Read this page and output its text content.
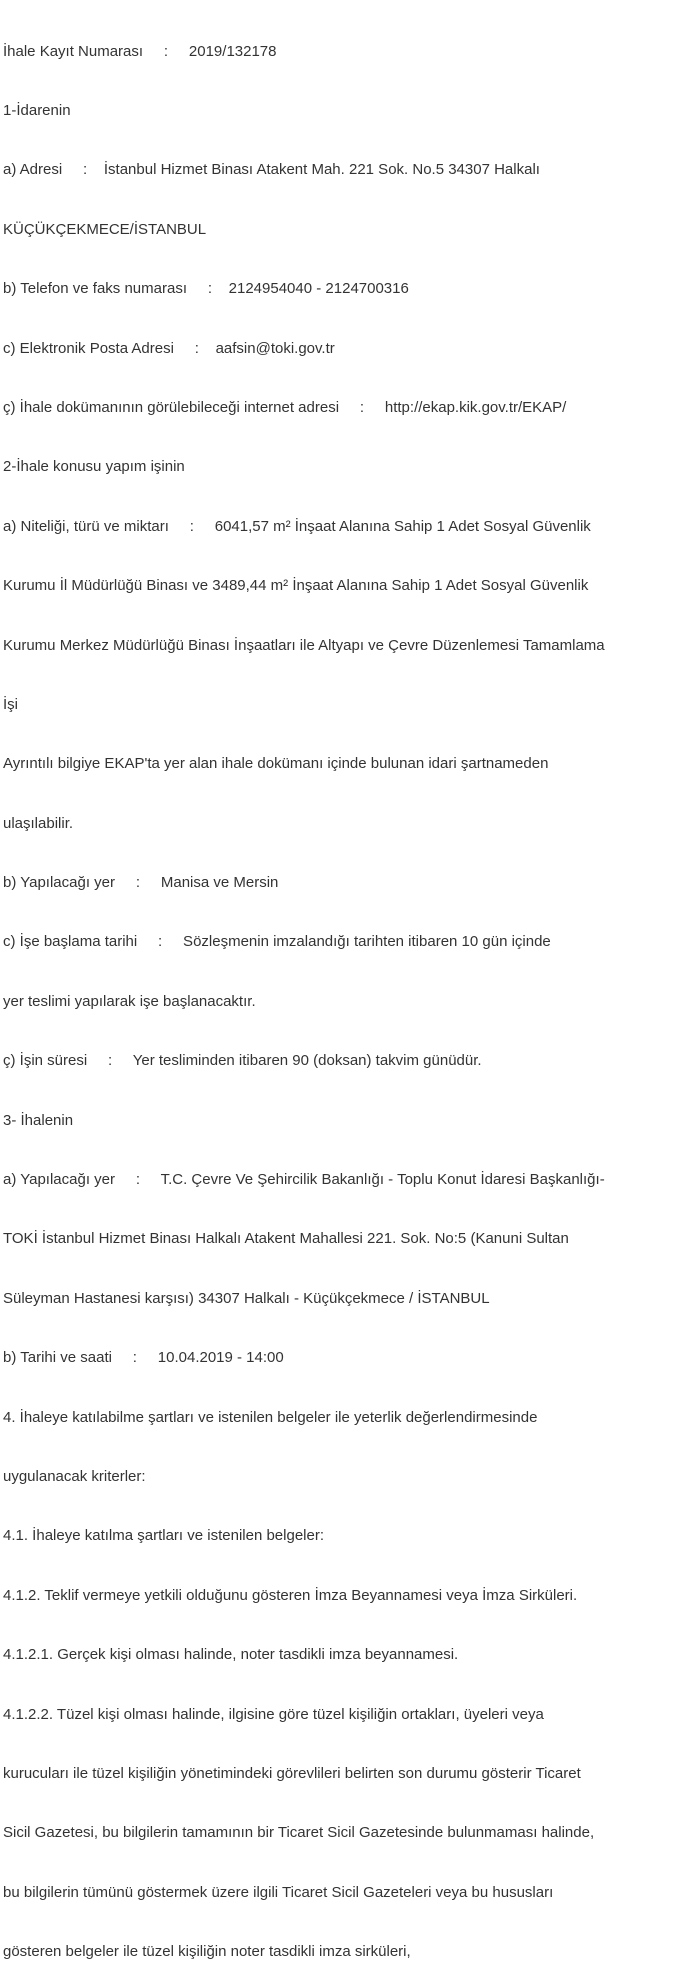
İhale Kayıt Numarası     :     2019/132178

1-İdarenin

a) Adresi     :    İstanbul Hizmet Binası Atakent Mah. 221 Sok. No.5 34307 Halkalı

KÜÇÜKÇEKMECE/İSTANBUL

b) Telefon ve faks numarası     :    2124954040 - 2124700316

c) Elektronik Posta Adresi     :    aafsin@toki.gov.tr

ç) İhale dokümanının görülebileceği internet adresi     :     http://ekap.kik.gov.tr/EKAP/

2-İhale konusu yapım işinin

a) Niteliği, türü ve miktarı     :     6041,57 m² İnşaat Alanına Sahip 1 Adet Sosyal Güvenlik

Kurumu İl Müdürlüğü Binası ve 3489,44 m² İnşaat Alanına Sahip 1 Adet Sosyal Güvenlik

Kurumu Merkez Müdürlüğü Binası İnşaatları ile Altyapı ve Çevre Düzenlemesi Tamamlama

İşi

Ayrıntılı bilgiye EKAP'ta yer alan ihale dokümanı içinde bulunan idari şartnameden

ulaşılabilir.

b) Yapılacağı yer     :     Manisa ve Mersin

c) İşe başlama tarihi     :     Sözleşmenin imzalandığı tarihten itibaren 10 gün içinde

yer teslimi yapılarak işe başlanacaktır.

ç) İşin süresi     :     Yer tesliminden itibaren 90 (doksan) takvim günüdür.

3- İhalenin

a) Yapılacağı yer     :     T.C. Çevre Ve Şehircilik Bakanlığı - Toplu Konut İdaresi Başkanlığı-

TOKİ İstanbul Hizmet Binası Halkalı Atakent Mahallesi 221. Sok. No:5 (Kanuni Sultan

Süleyman Hastanesi karşısı) 34307 Halkalı - Küçükçekmece / İSTANBUL

b) Tarihi ve saati     :     10.04.2019 - 14:00

4. İhaleye katılabilme şartları ve istenilen belgeler ile yeterlik değerlendirmesinde

uygulanacak kriterler:

4.1. İhaleye katılma şartları ve istenilen belgeler:

4.1.2. Teklif vermeye yetkili olduğunu gösteren İmza Beyannamesi veya İmza Sirküleri.

4.1.2.1. Gerçek kişi olması halinde, noter tasdikli imza beyannamesi.

4.1.2.2. Tüzel kişi olması halinde, ilgisine göre tüzel kişiliğin ortakları, üyeleri veya

kurucuları ile tüzel kişiliğin yönetimindeki görevlileri belirten son durumu gösterir Ticaret

Sicil Gazetesi, bu bilgilerin tamamının bir Ticaret Sicil Gazetesinde bulunmaması halinde,

bu bilgilerin tümünü göstermek üzere ilgili Ticaret Sicil Gazeteleri veya bu hususları

gösteren belgeler ile tüzel kişiliğin noter tasdikli imza sirküleri,
